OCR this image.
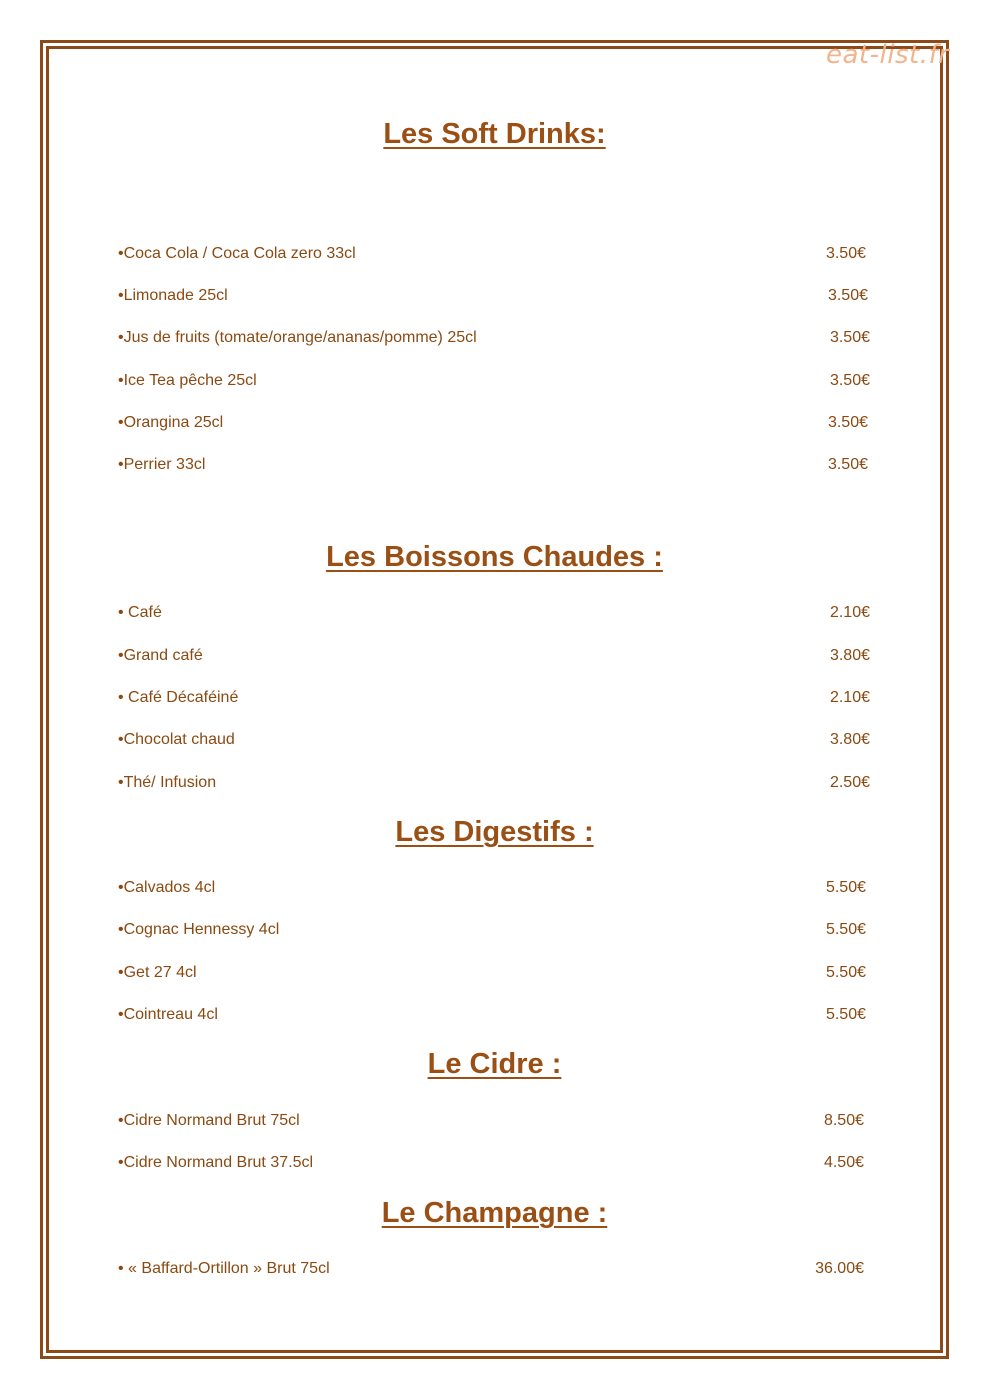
eat-list.fr
Les Soft Drinks:
•Coca Cola / Coca Cola zero 33cl	3.50€
•Limonade 25cl	3.50€
•Jus de fruits (tomate/orange/ananas/pomme) 25cl	3.50€
•Ice Tea pêche 25cl	3.50€
•Orangina 25cl	3.50€
•Perrier 33cl	3.50€
Les Boissons Chaudes :
• Café	2.10€
•Grand café	3.80€
• Café Décaféiné	2.10€
•Chocolat chaud	3.80€
•Thé/ Infusion	2.50€
Les Digestifs :
•Calvados 4cl	5.50€
•Cognac Hennessy 4cl	5.50€
•Get 27 4cl	5.50€
•Cointreau 4cl	5.50€
Le Cidre :
•Cidre Normand Brut 75cl	8.50€
•Cidre Normand Brut 37.5cl	4.50€
Le Champagne :
• « Baffard-Ortillon » Brut 75cl	36.00€
